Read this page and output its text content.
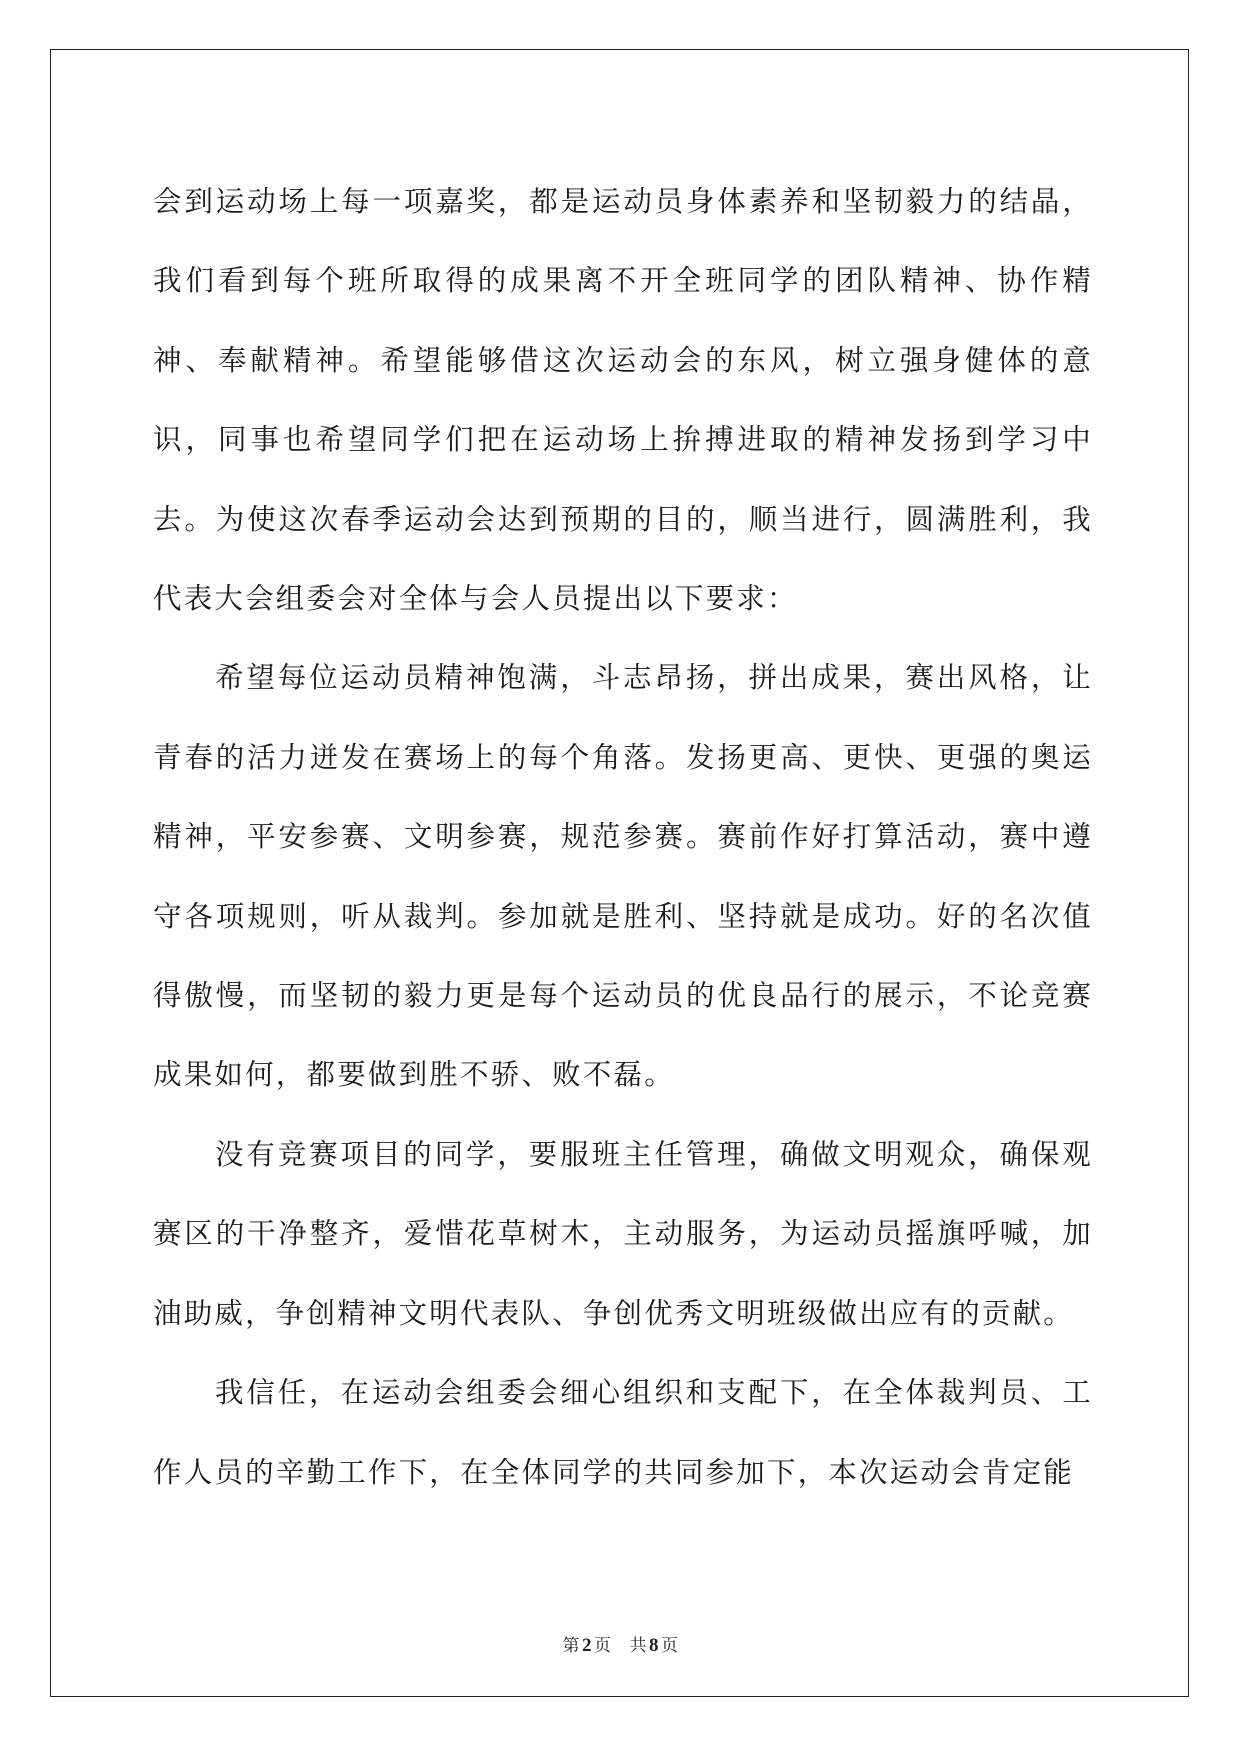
会到运动场上每一项嘉奖，都是运动员身体素养和坚韧毅力的结晶，我们看到每个班所取得的成果离不开全班同学的团队精神、协作精神、奉献精神。希望能够借这次运动会的东风，树立强身健体的意识，同事也希望同学们把在运动场上拚搏进取的精神发扬到学习中去。为使这次春季运动会达到预期的目的，顺当进行，圆满胜利，我代表大会组委会对全体与会人员提出以下要求：

希望每位运动员精神饱满，斗志昂扬，拼出成果，赛出风格，让青春的活力迸发在赛场上的每个角落。发扬更高、更快、更强的奥运精神，平安参赛、文明参赛，规范参赛。赛前作好打算活动，赛中遵守各项规则，听从裁判。参加就是胜利、坚持就是成功。好的名次值得傲慢，而坚韧的毅力更是每个运动员的优良品行的展示，不论竞赛成果如何，都要做到胜不骄、败不磊。

没有竞赛项目的同学，要服班主任管理，确做文明观众，确保观赛区的干净整齐，爱惜花草树木，主动服务，为运动员摇旗呼喊，加油助威，争创精神文明代表队、争创优秀文明班级做出应有的贡献。

我信任，在运动会组委会细心组织和支配下，在全体裁判员、工作人员的辛勤工作下，在全体同学的共同参加下，本次运动会肯定能

第 2 页 共 8 页
